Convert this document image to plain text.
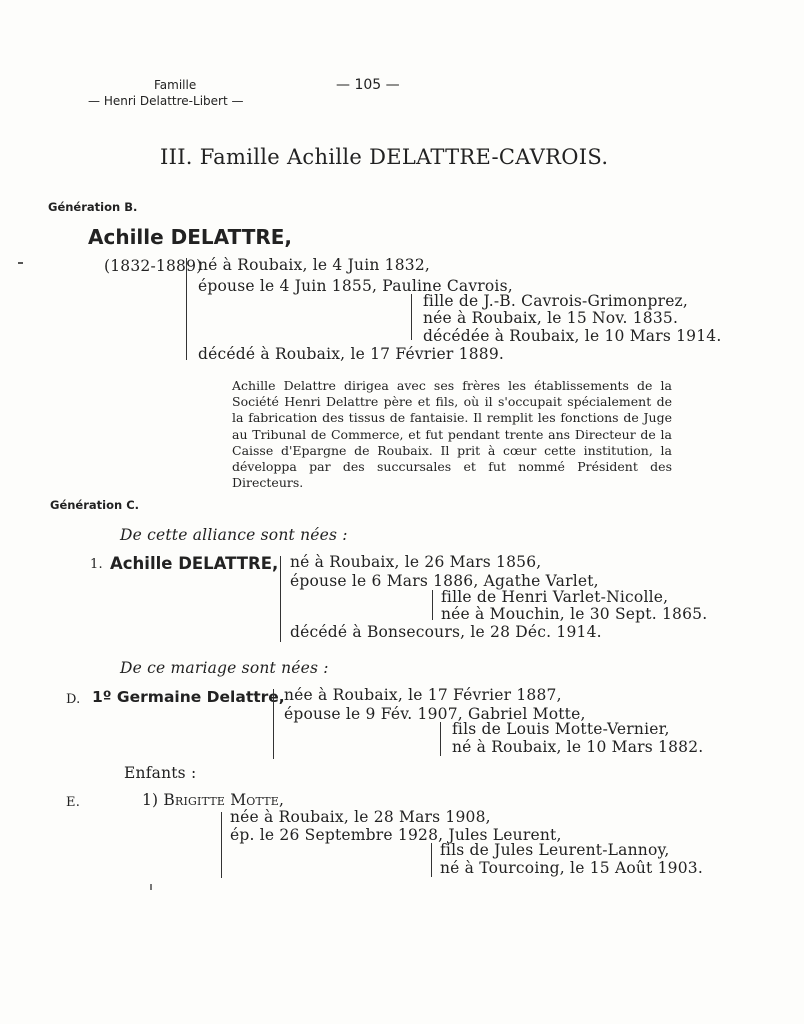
Famille
— Henri Delattre-Libert —
— 105 —
III. Famille Achille DELATTRE-CAVROIS.
Génération B.
Achille DELATTRE,
(1832-1889)
né à Roubaix, le 4 Juin 1832,
épouse le 4 Juin 1855, Pauline Cavrois,
fille de J.-B. Cavrois-Grimonprez,
née à Roubaix, le 15 Nov. 1835.
décédée à Roubaix, le 10 Mars 1914.
décédé à Roubaix, le 17 Février 1889.
Achille Delattre dirigea avec ses frères les établissements de la Société Henri Delattre père et fils, où il s'occupait spécialement de la fabrication des tissus de fantaisie. Il remplit les fonctions de Juge au Tribunal de Commerce, et fut pendant trente ans Directeur de la Caisse d'Epargne de Roubaix. Il prit à cœur cette institution, la développa par des succursales et fut nommé Président des Directeurs.
Génération C.
De cette alliance sont nées :
1. Achille DELATTRE, né à Roubaix, le 26 Mars 1856,
épouse le 6 Mars 1886, Agathe Varlet,
fille de Henri Varlet-Nicolle,
née à Mouchin, le 30 Sept. 1865.
décédé à Bonsecours, le 28 Déc. 1914.
De ce mariage sont nées :
D. 1º Germaine Delattre, née à Roubaix, le 17 Février 1887,
épouse le 9 Fév. 1907, Gabriel Motte,
fils de Louis Motte-Vernier,
né à Roubaix, le 10 Mars 1882.
Enfants :
E.	1) Brigitte Motte,
née à Roubaix, le 28 Mars 1908,
ép. le 26 Septembre 1928, Jules Leurent,
fils de Jules Leurent-Lannoy,
né à Tourcoing, le 15 Août 1903.
